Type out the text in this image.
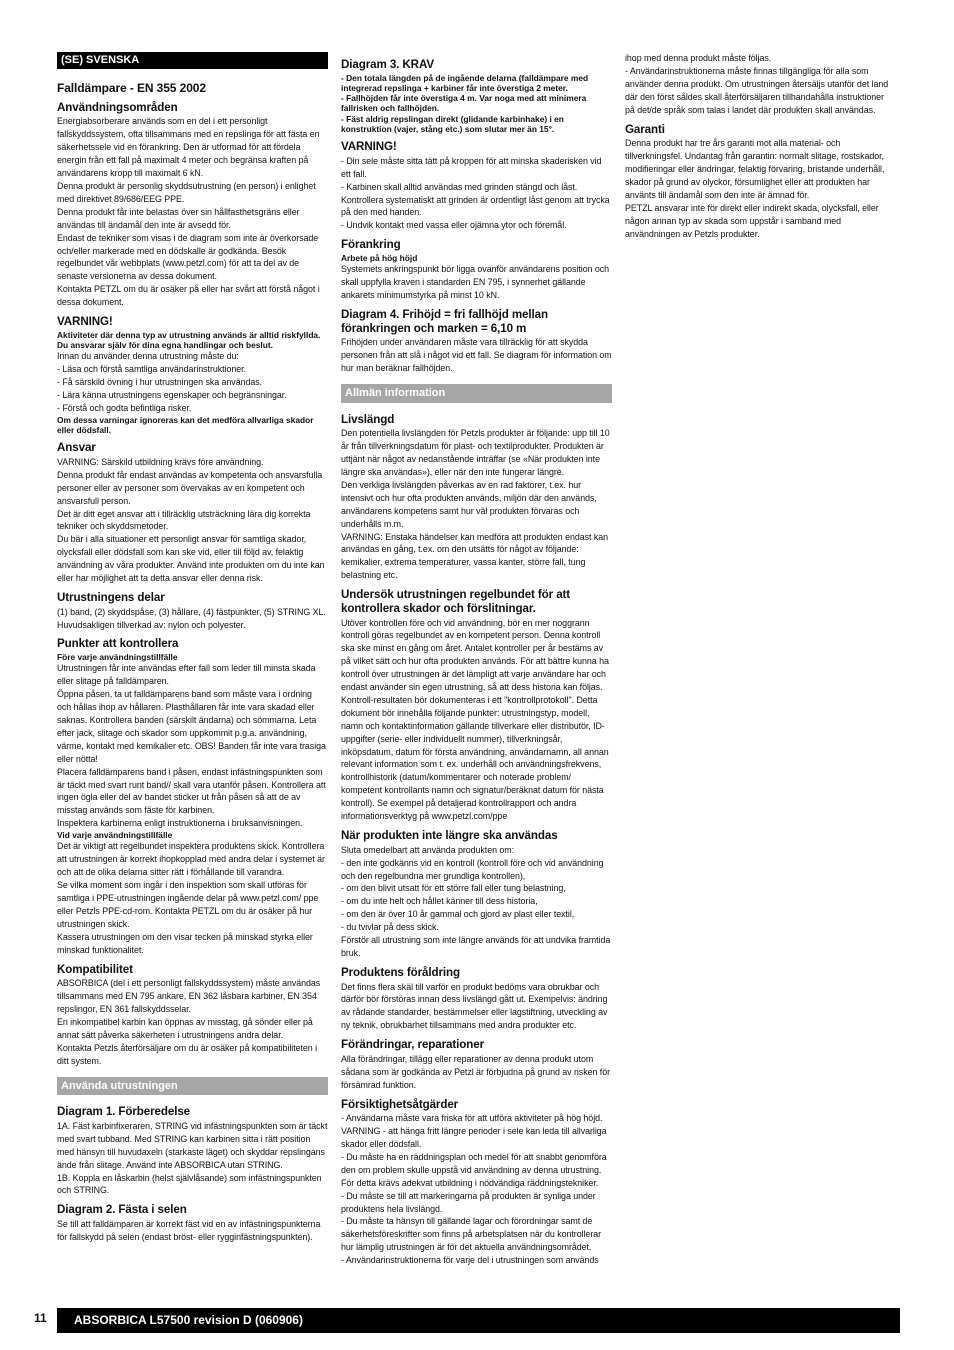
(SE) SVENSKA
Falldämpare - EN 355 2002
Användningsområden
Energiabsorberare används som en del i ett personligt fallskyddssystem, ofta tillsammans med en repslinga för att fästa en säkerhetssele vid en förankring. Den är utformad för att fördela energin från ett fall på maximalt 4 meter och begränsa kraften på användarens kropp till maximalt 6 kN.
Denna produkt är personlig skyddsutrustning (en person) i enlighet med direktivet 89/686/EEG PPE.
Denna produkt får inte belastas över sin hållfasthetsgräns eller användas till ändamål den inte är avsedd för.
Endast de tekniker som visas i de diagram som inte är överkorsade och/eller markerade med en dödskalle är godkända. Besök regelbundet vår webbplats (www.petzl.com) för att ta del av de senaste versionerna av dessa dokument.
Kontakta PETZL om du är osäker på eller har svårt att förstå något i dessa dokument.
VARNING!
Aktiviteter där denna typ av utrustning används är alltid riskfyllda. Du ansvarar själv för dina egna handlingar och beslut.
Innan du använder denna utrustning måste du:
- Läsa och förstå samtliga användarinstruktioner.
- Få särskild övning i hur utrustningen ska användas.
- Lära känna utrustningens egenskaper och begränsningar.
- Förstå och godta befintliga risker.
Om dessa varningar ignoreras kan det medföra allvarliga skador eller dödsfall.
Ansvar
VARNING: Särskild utbildning krävs före användning.
Denna produkt får endast användas av kompetenta och ansvarsfulla personer eller av personer som övervakas av en kompetent och ansvarsfull person.
Det är ditt eget ansvar att i tillräcklig utsträckning lära dig korrekta tekniker och skyddsmetoder.
Du bär i alla situationer ett personligt ansvar för samtliga skador, olycksfall eller dödsfall som kan ske vid, eller till följd av, felaktig användning av våra produkter. Använd inte produkten om du inte kan eller har möjlighet att ta detta ansvar eller denna risk.
Utrustningens delar
(1) band, (2) skyddspåse, (3) hållare, (4) fästpunkter, (5) STRING XL. Huvudsakligen tillverkad av: nylon och polyester.
Punkter att kontrollera
Före varje användningstillfälle
Utrustningen får inte användas efter fall som leder till minsta skada eller slitage på falldämparen.
Öppna påsen, ta ut falldämparens band som måste vara i ordning och hållas ihop av hållaren. Plasthållaren får inte vara skadad eller saknas. Kontrollera banden (särskilt ändarna) och sömmarna. Leta efter jack, slitage och skador som uppkommit p.g.a. användning, värme, kontakt med kemikalier etc. OBS! Banden får inte vara trasiga eller nötta!
Placera falldämparens band i påsen, endast infästningspunkten som är täckt med svart runt band// skall vara utanför påsen. Kontrollera att ingen ögla eller del av bandet sticker ut från påsen så att de av misstag används som fäste för karbinen.
Inspektera karbinerna enligt instruktionerna i bruksanvisningen.
Vid varje användningstillfälle
Det är viktigt att regelbundet inspektera produktens skick. Kontrollera att utrustningen är korrekt ihopkopplad med andra delar i systemet är och att de olika delarna sitter rätt i förhållande till varandra.
Se vilka moment som ingår i den inspektion som skall utföras för samtliga i PPE-utrustningen ingående delar på www.petzl.com/ ppe eller Petzls PPE-cd-rom. Kontakta PETZL om du är osäker på hur utrustningen skick.
Kassera utrustningen om den visar tecken på minskad styrka eller minskad funktionalitet.
Kompatibilitet
ABSORBICA (del i ett personligt fallskyddssystem) måste användas tillsammans med EN 795 ankare, EN 362 låsbara karbiner, EN 354 repslingor, EN 361 fallskyddsselar.
En inkompatibel karbin kan öppnas av misstag, gå sönder eller på annat sätt påverka säkerheten i utrustningens andra delar.
Kontakta Petzls återförsäljare om du är osäker på kompatibiliteten i ditt system.
Använda utrustningen
Diagram 1. Förberedelse
1A. Fäst karbinfixeraren, STRING vid infästningspunkten som är täckt med svart tubband. Med STRING kan karbinen sitta i rätt position med hänsyn till huvudaxeln (starkaste läget) och skyddar repslingans ände från slitage. Använd inte ABSORBICA utan STRING.
1B. Koppla en låskarbin (helst självlåsande) som infästningspunkten och STRING.
Diagram 2. Fästa i selen
Se till att falldämparen är korrekt fäst vid en av infästningspunkterna för fallskydd på selen (endast bröst- eller rygginfästningspunkten).
Diagram 3. KRAV
- Den totala längden på de ingående delarna (falldämpare med integrerad repslinga + karbiner får inte överstiga 2 meter.
- Fallhöjden får inte överstiga 4 m. Var noga med att minimera fallrisken och fallhöjden.
- Fäst aldrig repslingan direkt (glidande karbinhake) i en konstruktion (vajer, stång etc.) som slutar mer än 15°.
VARNING!
- Din sele måste sitta tätt på kroppen för att minska skaderisken vid ett fall.
- Karbinen skall alltid användas med grinden stängd och låst. Kontrollera systematiskt att grinden är ordentligt låst genom att trycka på den med handen.
- Undvik kontakt med vassa eller ojämna ytor och föremål.
Förankring
Arbete på hög höjd
Systemets ankringspunkt bör ligga ovanför användarens position och skall uppfylla kraven i standarden EN 795, i synnerhet gällande ankarets minimumstyrka på minst 10 kN.
Diagram 4. Frihöjd = fri fallhöjd mellan förankringen och marken = 6,10 m
Frihöjden under användaren måste vara tillräcklig för att skydda personen från att slå i något vid ett fall. Se diagram för information om hur man beräknar fallhöjden.
Allmän information
Livslängd
Den potentiella livslängden för Petzls produkter är följande: upp till 10 år från tillverkningsdatum för plast- och textilprodukter. Produkten är uttjänt när något av nedanstående inträffar (se «När produkten inte längre ska användas»), eller när den inte fungerar längre.
Den verkliga livslängden påverkas av en rad faktorer, t.ex. hur intensivt och hur ofta produkten används, miljön där den används, användarens kompetens samt hur väl produkten förvaras och underhålls m.m.
VARNING: Enstaka händelser kan medföra att produkten endast kan användas en gång, t.ex. om den utsätts för något av följande: kemikalier, extrema temperaturer, vassa kanter, större fall, tung belastning etc.
Undersök utrustningen regelbundet för att kontrollera skador och förslitningar.
Utöver kontrollen före och vid användning, bör en mer noggrann kontroll göras regelbundet av en kompetent person. Denna kontroll ska ske minst en gång om året. Antalet kontroller per år bestäms av på vilket sätt och hur ofta produkten används. För att bättre kunna ha kontroll över utrustningen är det lämpligt att varje användare har och endast använder sin egen utrustning, så att dess historia kan följas. Kontroll-resultaten bör dokumenteras i ett "kontrollprotokoll". Detta dokument bör innehålla följande punkter: utrustningstyp, modell, namn och kontaktinformation gällande tillverkare eller distributör, ID-uppgifter (serie- eller individuellt nummer), tillverkningsår, inköpsdatum, datum för första användning, användarnamn, all annan relevant information som t. ex. underhåll och användningsfrekvens, kontrollhistorik (datum/kommentarer och noterade problem/ kompetent kontrollants namn och signatur/beräknat datum för nästa kontroll). Se exempel på detaljerad kontrollrapport och andra informationsverktyg på www.petzl.com/ppe
När produkten inte längre ska användas
Sluta omedelbart att använda produkten om:
- den inte godkänns vid en kontroll (kontroll före och vid användning och den regelbundna mer grundliga kontrollen),
- om den blivit utsatt för ett större fall eller tung belastning,
- om du inte helt och hållet känner till dess historia,
- om den är över 10 år gammal och gjord av plast eller textil,
- du tvivlar på dess skick.
Förstör all utrustning som inte längre används för att undvika framtida bruk.
Produktens föråldring
Det finns flera skäl till varför en produkt bedöms vara obrukbar och därför bör förstöras innan dess livslängd gått ut. Exempelvis: ändring av rådande standarder, bestämmelser eller lagstiftning, utveckling av ny teknik, obrukbarhet tillsammans med andra produkter etc.
Förändringar, reparationer
Alla förändringar, tillägg eller reparationer av denna produkt utom sådana som är godkända av Petzl är förbjudna på grund av risken för försämrad funktion.
Försiktighetsåtgärder
- Användarna måste vara friska för att utföra aktiviteter på hög höjd. VARNING - att hänga fritt längre perioder i sele kan leda till allvarliga skador eller dödsfall.
- Du måste ha en räddningsplan och medel för att snabbt genomföra den om problem skulle uppstå vid användning av denna utrustning. För detta krävs adekvat utbildning i nödvändiga räddningstekniker.
- Du måste se till att markeringarna på produkten är synliga under produktens hela livslängd.
- Du måste ta hänsyn till gällande lagar och förordningar samt de säkerhetsföreskrifter som finns på arbetsplatsen när du kontrollerar hur lämplig utrustningen är för det aktuella användningsområdet.
- Användarinstruktionerna för varje del i utrustningen som används
ihop med denna produkt måste följas.
- Användarinstruktionerna måste finnas tillgängliga för alla som använder denna produkt. Om utrustningen återsäljs utanför det land där den först såldes skall återförsäljaren tillhandahålla instruktioner på det/de språk som talas i landet där produkten skall användas.
Garanti
Denna produkt har tre års garanti mot alla material- och tillverkningsfel. Undantag från garantin: normalt slitage, rostskador, modifieringar eller ändringar, felaktig förvaring, bristande underhåll, skador på grund av olyckor, försumlighet eller att produkten har använts till ändamål som den inte är ämnad för.
PETZL ansvarar inte för direkt eller indirekt skada, olycksfall, eller någon annan typ av skada som uppstår i samband med användningen av Petzls produkter.
11	ABSORBICA L57500 revision D (060906)
